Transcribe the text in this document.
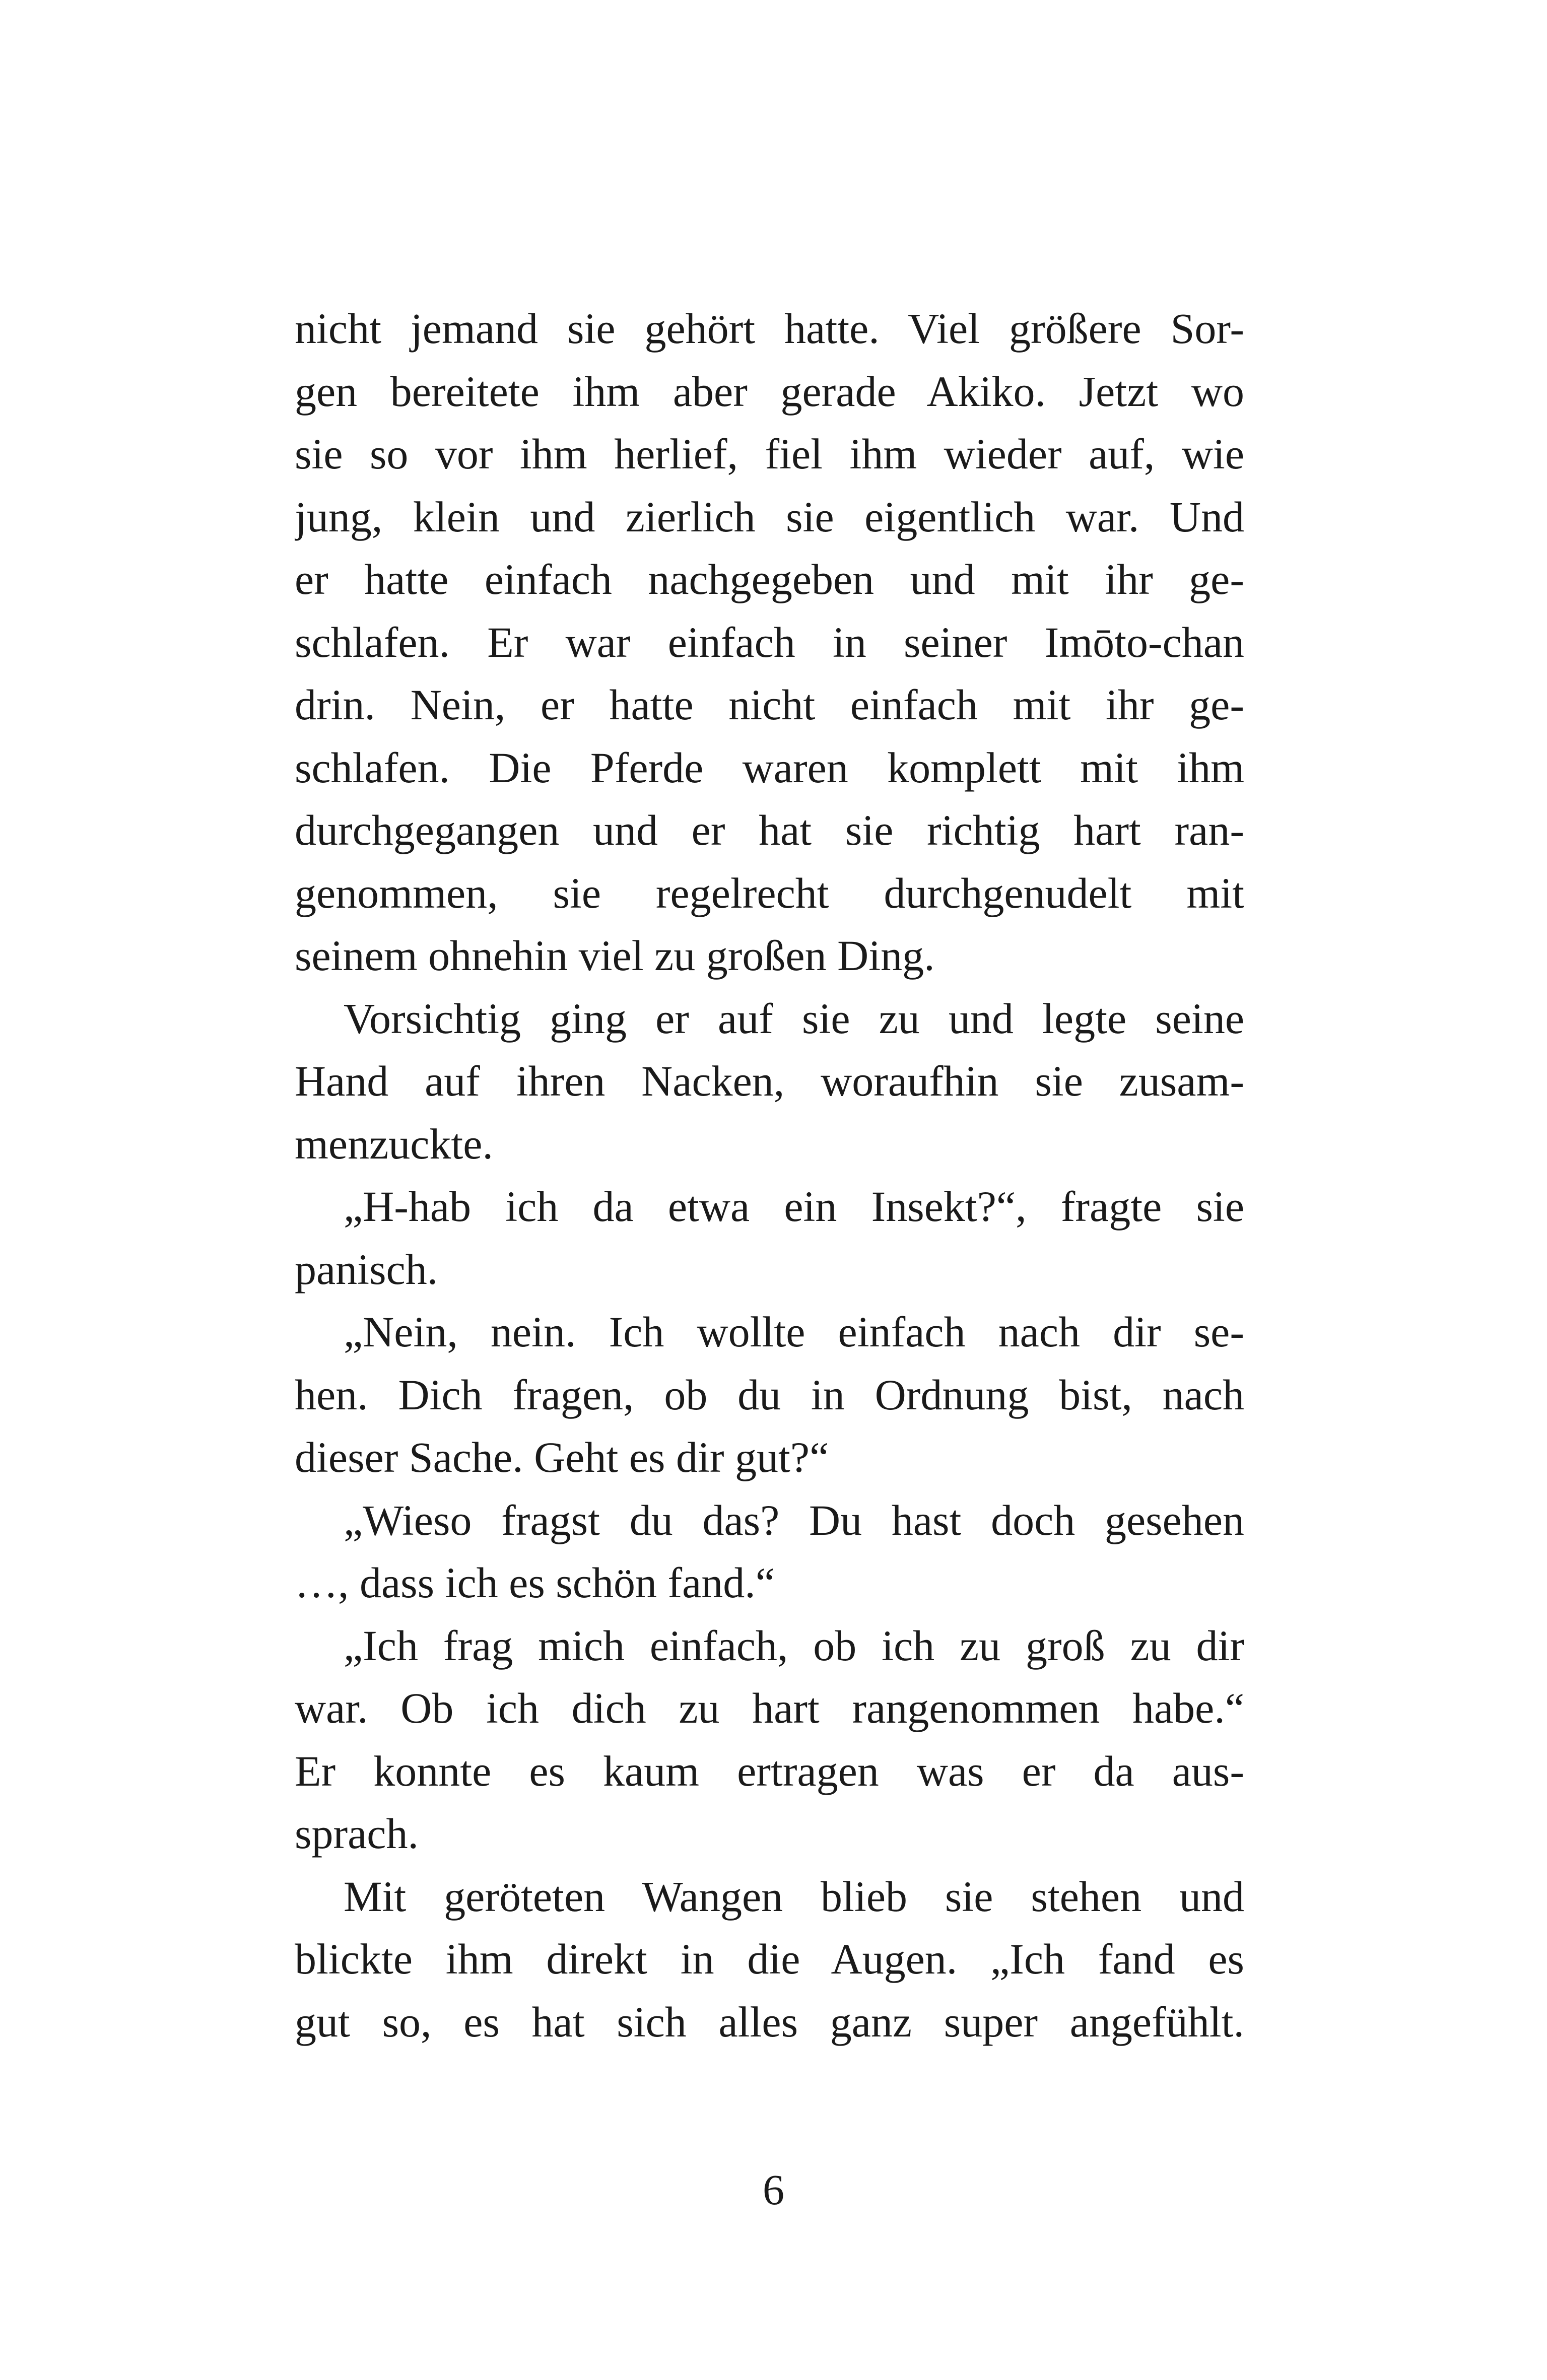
nicht jemand sie gehört hatte. Viel größere Sor-
gen bereitete ihm aber gerade Akiko. Jetzt wo
sie so vor ihm herlief, fiel ihm wieder auf, wie
jung, klein und zierlich sie eigentlich war. Und
er hatte einfach nachgegeben und mit ihr ge-
schlafen. Er war einfach in seiner Imōto-chan
drin. Nein, er hatte nicht einfach mit ihr ge-
schlafen. Die Pferde waren komplett mit ihm
durchgegangen und er hat sie richtig hart ran-
genommen, sie regelrecht durchgenudelt mit
seinem ohnehin viel zu großen Ding.
Vorsichtig ging er auf sie zu und legte seine
Hand auf ihren Nacken, woraufhin sie zusam-
menzuckte.
„H-hab ich da etwa ein Insekt?“, fragte sie
panisch.
„Nein, nein. Ich wollte einfach nach dir se-
hen. Dich fragen, ob du in Ordnung bist, nach
dieser Sache. Geht es dir gut?“
„Wieso fragst du das? Du hast doch gesehen
…, dass ich es schön fand.“
„Ich frag mich einfach, ob ich zu groß zu dir
war. Ob ich dich zu hart rangenommen habe.“
Er konnte es kaum ertragen was er da aus-
sprach.
Mit geröteten Wangen blieb sie stehen und
blickte ihm direkt in die Augen. „Ich fand es
gut so, es hat sich alles ganz super angefühlt.
6
